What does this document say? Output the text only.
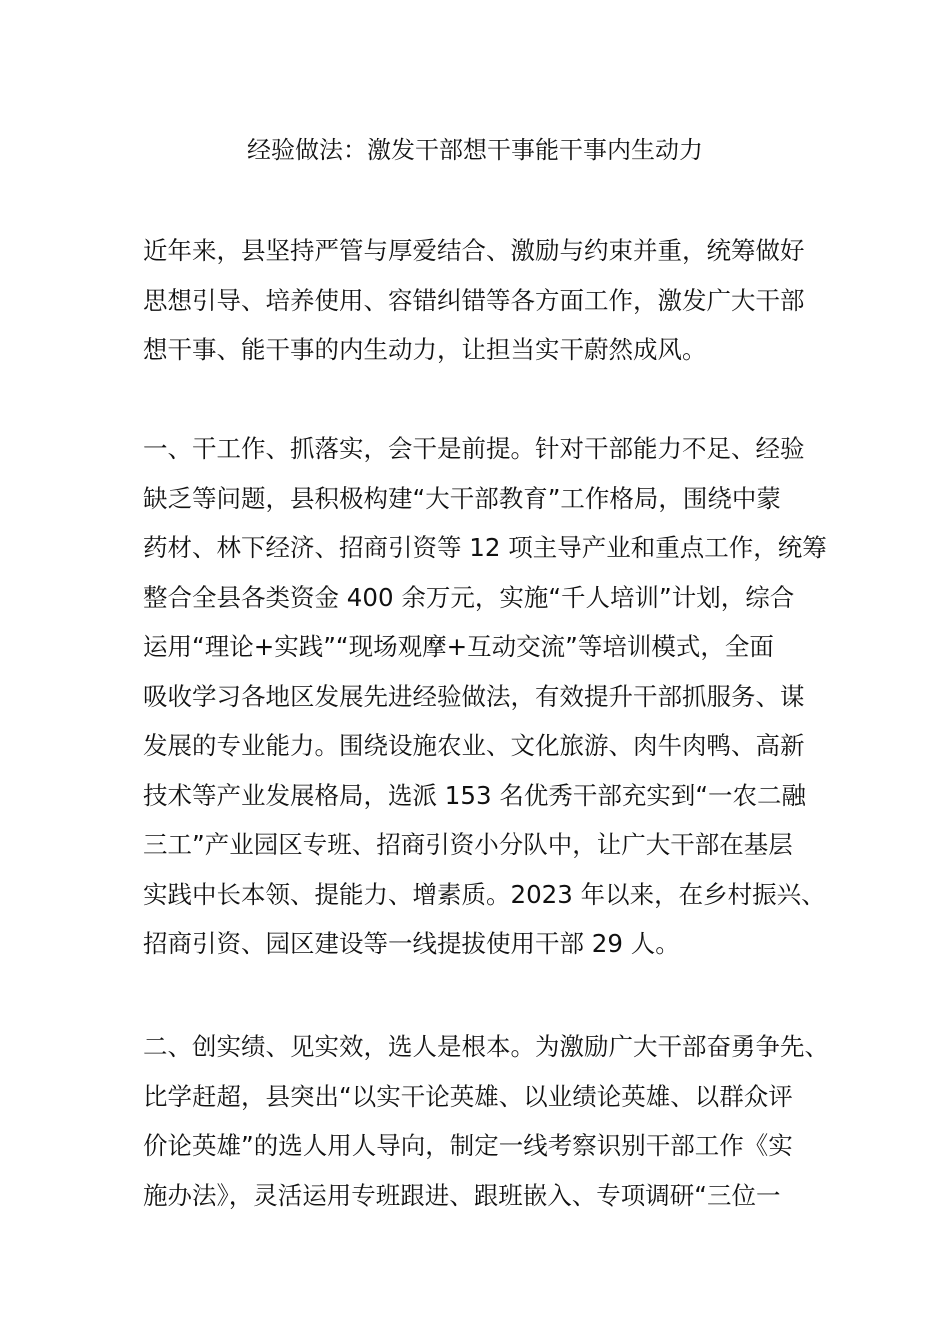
经验做法：激发干部想干事能干事内生动力
近年来，县坚持严管与厚爱结合、激励与约束并重，统筹做好
思想引导、培养使用、容错纠错等各方面工作，激发广大干部
想干事、能干事的内生动力，让担当实干蔚然成风。
一、干工作、抓落实，会干是前提。针对干部能力不足、经验
缺乏等问题，县积极构建“大干部教育”工作格局，围绕中蒙
药材、林下经济、招商引资等 12 项主导产业和重点工作，统筹
整合全县各类资金 400 余万元，实施“千人培训”计划，综合
运用“理论+实践”“现场观摩+互动交流”等培训模式，全面
吸收学习各地区发展先进经验做法，有效提升干部抓服务、谋
发展的专业能力。围绕设施农业、文化旅游、肉牛肉鸭、高新
技术等产业发展格局，选派 153 名优秀干部充实到“一农二融
三工”产业园区专班、招商引资小分队中，让广大干部在基层
实践中长本领、提能力、增素质。2023 年以来，在乡村振兴、
招商引资、园区建设等一线提拔使用干部 29 人。
二、创实绩、见实效，选人是根本。为激励广大干部奋勇争先、
比学赶超，县突出“以实干论英雄、以业绩论英雄、以群众评
价论英雄”的选人用人导向，制定一线考察识别干部工作《实
施办法》，灵活运用专班跟进、跟班嵌入、专项调研“三位一
